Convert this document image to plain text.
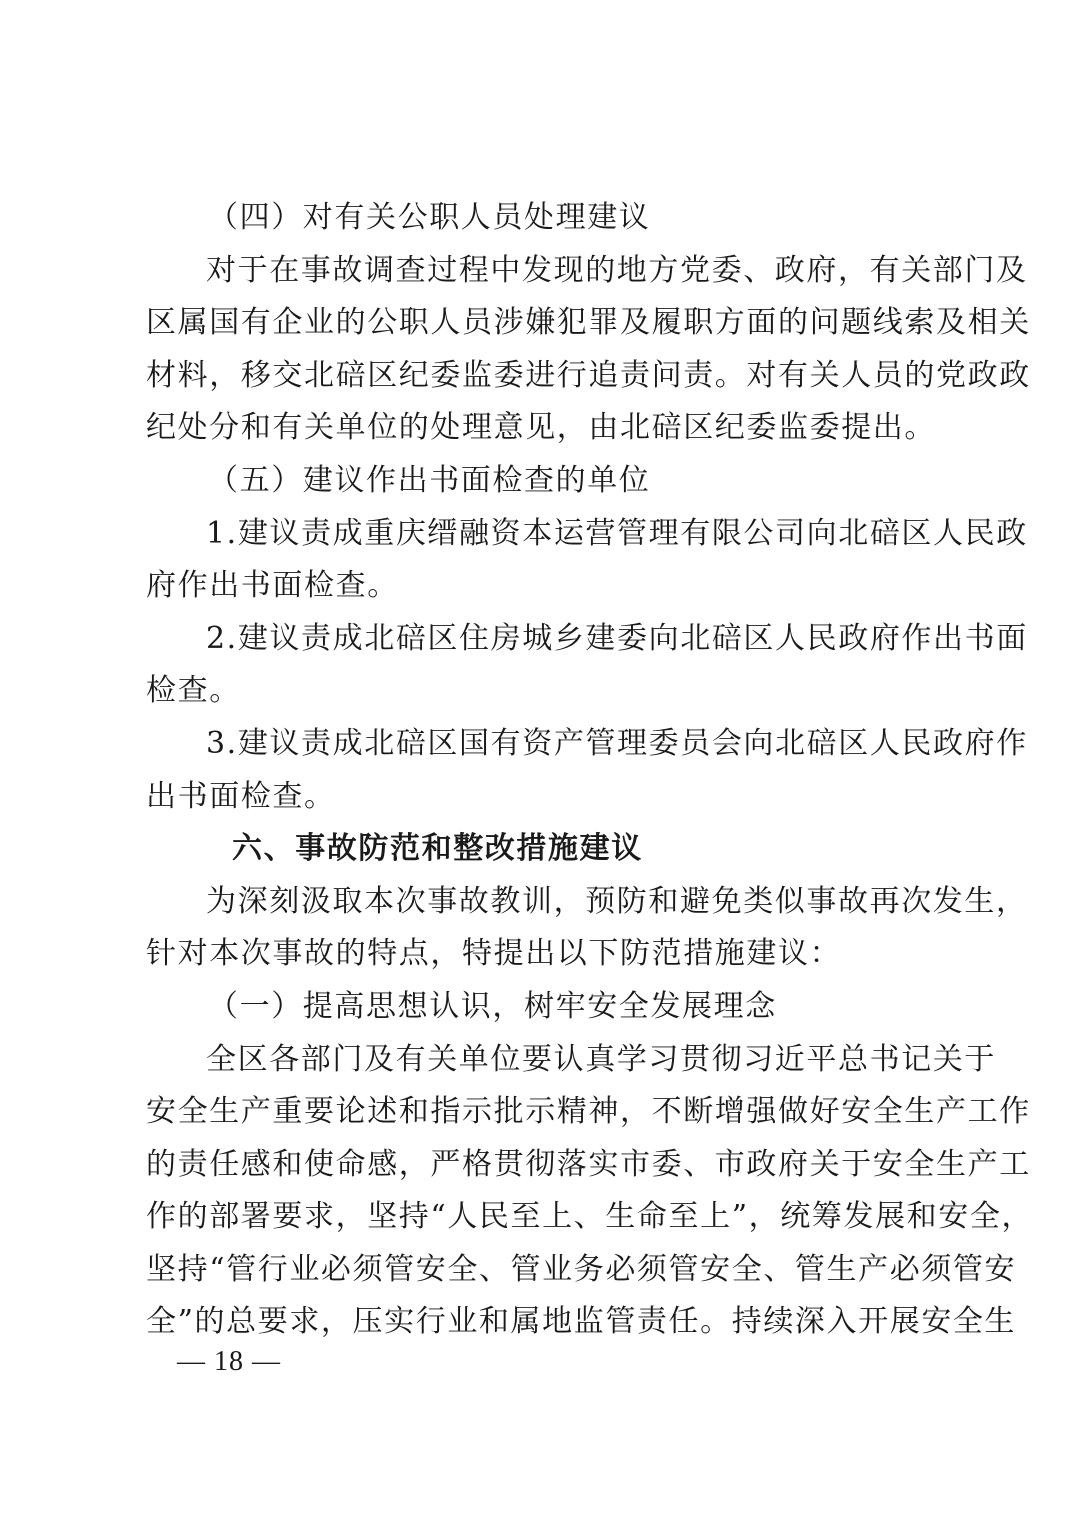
（四）对有关公职人员处理建议
对于在事故调查过程中发现的地方党委、政府，有关部门及
区属国有企业的公职人员涉嫌犯罪及履职方面的问题线索及相关
材料，移交北碚区纪委监委进行追责问责。对有关人员的党政政
纪处分和有关单位的处理意见，由北碚区纪委监委提出。
（五）建议作出书面检查的单位
1.建议责成重庆缙融资本运营管理有限公司向北碚区人民政
府作出书面检查。
2.建议责成北碚区住房城乡建委向北碚区人民政府作出书面
检查。
3.建议责成北碚区国有资产管理委员会向北碚区人民政府作
出书面检查。
六、事故防范和整改措施建议
为深刻汲取本次事故教训，预防和避免类似事故再次发生，
针对本次事故的特点，特提出以下防范措施建议：
（一）提高思想认识，树牢安全发展理念
全区各部门及有关单位要认真学习贯彻习近平总书记关于
安全生产重要论述和指示批示精神，不断增强做好安全生产工作
的责任感和使命感，严格贯彻落实市委、市政府关于安全生产工
作的部署要求，坚持“人民至上、生命至上”，统筹发展和安全，
坚持“管行业必须管安全、管业务必须管安全、管生产必须管安
全”的总要求，压实行业和属地监管责任。持续深入开展安全生
— 18 —
